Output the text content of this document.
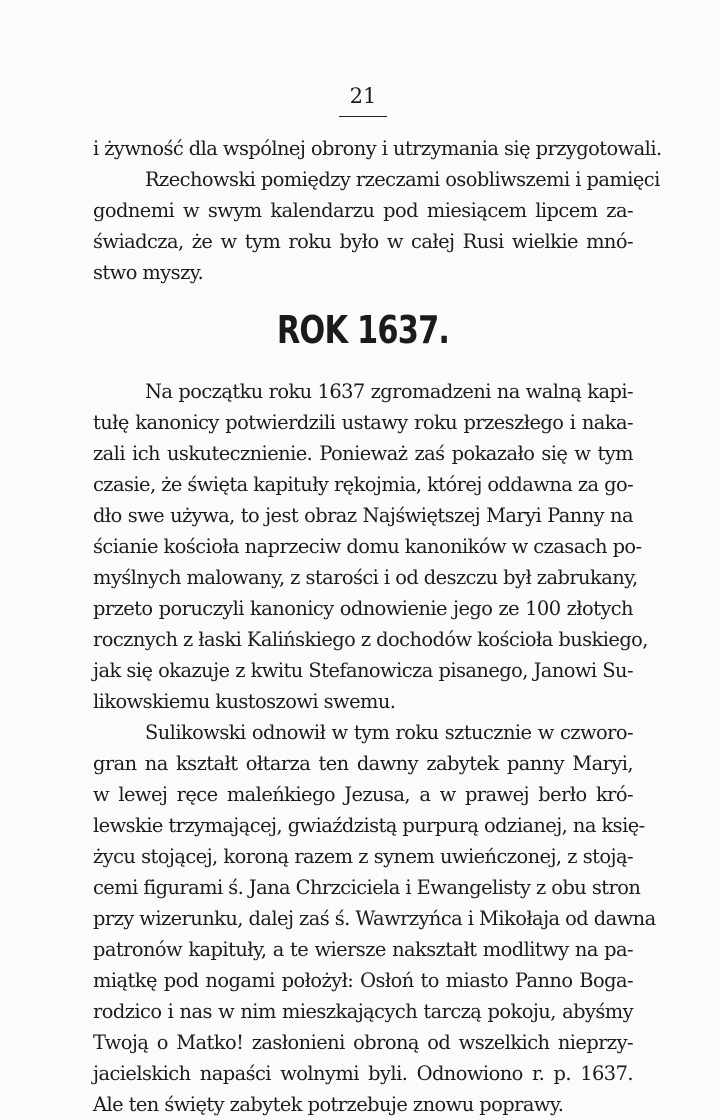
21
i żywność dla wspólnej obrony i utrzymania się przygotowali.
Rzechowski pomiędzy rzeczami osobliwszemi i pamięci
godnemi w swym kalendarzu pod miesiącem lipcem za-
świadcza, że w tym roku było w całej Rusi wielkie mnó-
stwo myszy.
ROK 1637.
Na początku roku 1637 zgromadzeni na walną kapi-
tułę kanonicy potwierdzili ustawy roku przeszłego i naka-
zali ich uskutecznienie. Ponieważ zaś pokazało się w tym
czasie, że święta kapituły rękojmia, której oddawna za go-
dło swe używa, to jest obraz Najświętszej Maryi Panny na
ścianie kościoła naprzeciw domu kanoników w czasach po-
myślnych malowany, z starości i od deszczu był zabrukany,
przeto poruczyli kanonicy odnowienie jego ze 100 złotych
rocznych z łaski Kalińskiego z dochodów kościoła buskiego,
jak się okazuje z kwitu Stefanowicza pisanego, Janowi Su-
likowskiemu kustoszowi swemu.
Sulikowski odnowił w tym roku sztucznie w czworo-
gran na kształt ołtarza ten dawny zabytek panny Maryi,
w lewej ręce maleńkiego Jezusa, a w prawej berło kró-
lewskie trzymającej, gwiaździstą purpurą odzianej, na księ-
życu stojącej, koroną razem z synem uwieńczonej, z stoją-
cemi figurami ś. Jana Chrzciciela i Ewangelisty z obu stron
przy wizerunku, dalej zaś ś. Wawrzyńca i Mikołaja od dawna
patronów kapituły, a te wiersze nakształt modlitwy na pa-
miątkę pod nogami położył: Osłoń to miasto Panno Boga-
rodzico i nas w nim mieszkających tarczą pokoju, abyśmy
Twoją o Matko! zasłonieni obroną od wszelkich nieprzy-
jacielskich napaści wolnymi byli. Odnowiono r. p. 1637.
Ale ten święty zabytek potrzebuje znowu poprawy.
